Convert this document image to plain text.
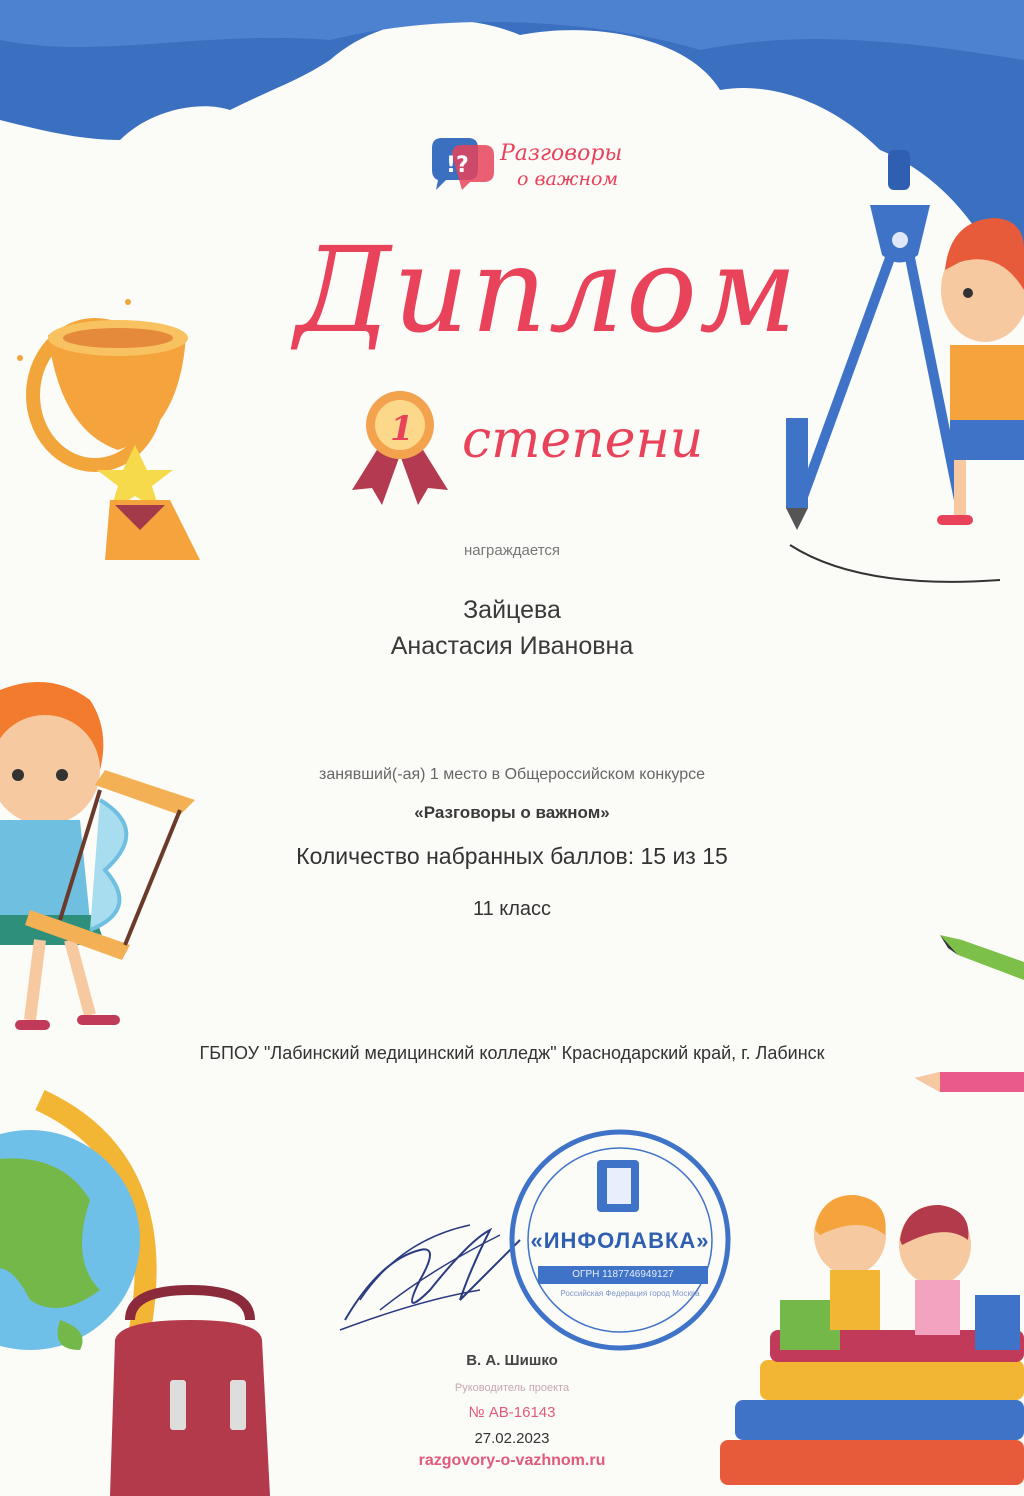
!?
1
Разговоры
о важном
Диплом
степени
награждается
Зайцева
Анастасия Ивановна
занявший(-ая) 1 место в Общероссийском конкурсе
«Разговоры о важном»
Количество набранных баллов: 15 из 15
11 класс
ГБПОУ "Лабинский медицинский колледж" Краснодарский край, г. Лабинск
«ИНФОЛАВКА»
ОГРН 1187746949127
Российская Федерация город Москва
В. А. Шишко
Руководитель проекта
№ АВ-16143
27.02.2023
razgovory-o-vazhnom.ru
